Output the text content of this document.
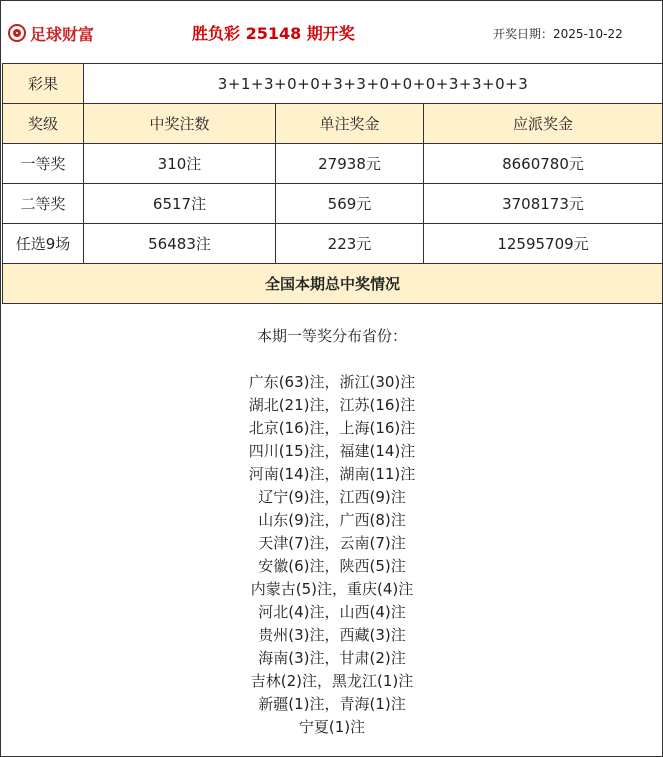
足球财富	胜负彩 25148 期开奖	开奖日期：2025-10-22
彩果	3+1+3+0+0+3+3+0+0+0+3+3+0+3		
奖级	中奖注数	单注奖金	应派奖金
一等奖	310注	27938元	8660780元
二等奖	6517注	569元	3708173元
任选9场	56483注	223元	12595709元
全国本期总中奖情况			
本期一等奖分布省份：
广东(63)注，浙江(30)注
湖北(21)注，江苏(16)注
北京(16)注，上海(16)注
四川(15)注，福建(14)注
河南(14)注，湖南(11)注
辽宁(9)注，江西(9)注
山东(9)注，广西(8)注
天津(7)注，云南(7)注
安徽(6)注，陕西(5)注
内蒙古(5)注，重庆(4)注
河北(4)注，山西(4)注
贵州(3)注，西藏(3)注
海南(3)注，甘肃(2)注
吉林(2)注，黑龙江(1)注
新疆(1)注，青海(1)注
宁夏(1)注
